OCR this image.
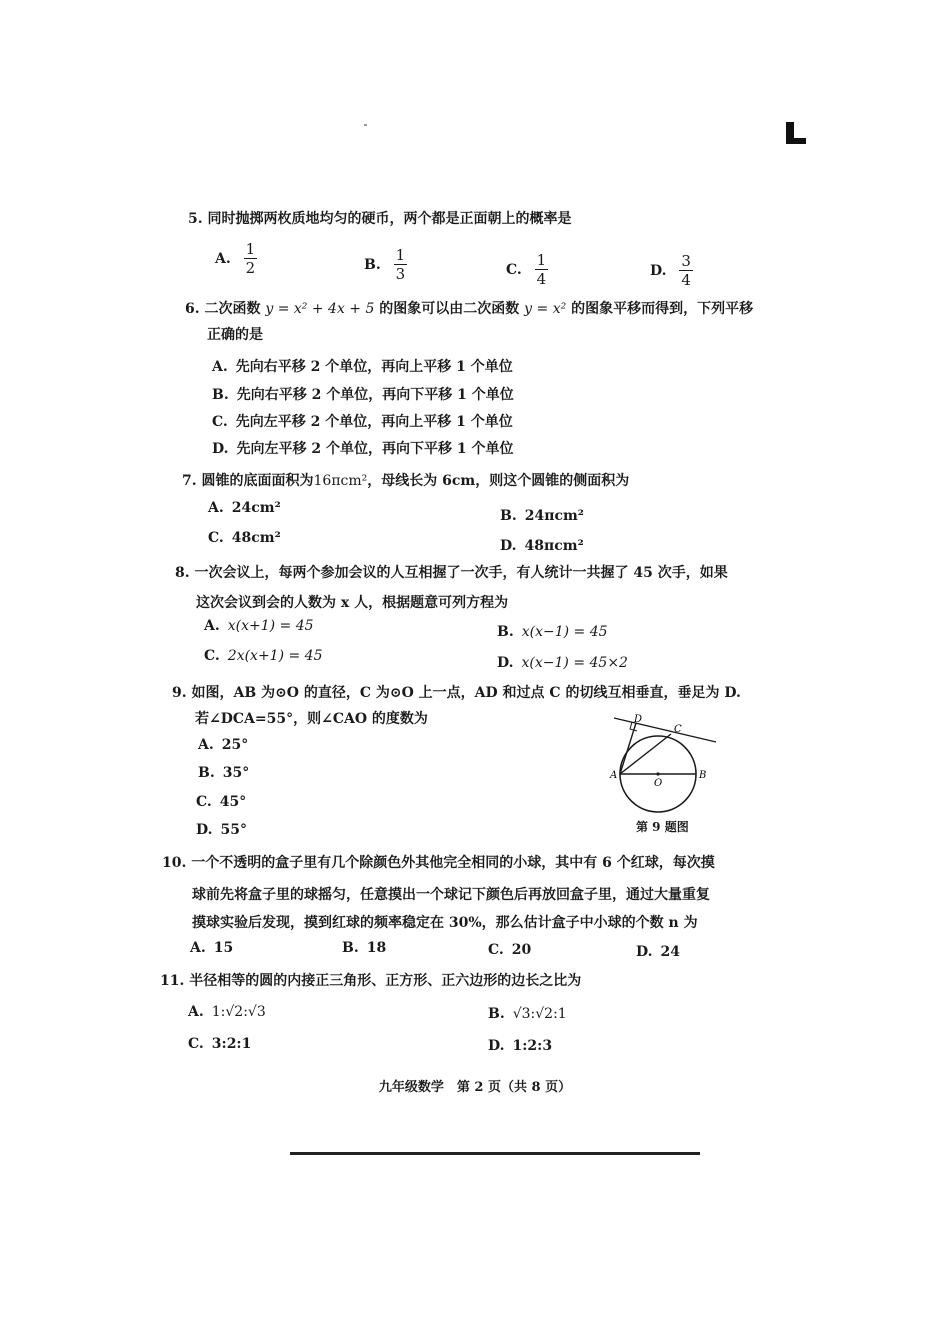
5. 同时抛掷两枚质地均匀的硬币，两个都是正面朝上的概率是
A. $\frac{1}{2}$	B. $\frac{1}{3}$	C. $\frac{1}{4}$	D. $\frac{3}{4}$
6. 二次函数 y = x² + 4x + 5 的图象可以由二次函数 y = x² 的图象平移而得到，下列平移
正确的是
A. 先向右平移 2 个单位，再向上平移 1 个单位
B. 先向右平移 2 个单位，再向下平移 1 个单位
C. 先向左平移 2 个单位，再向上平移 1 个单位
D. 先向左平移 2 个单位，再向下平移 1 个单位
7. 圆锥的底面面积为16πcm²，母线长为 6cm，则这个圆锥的侧面积为
A. 24cm²	B. 24πcm²
C. 48cm²	D. 48πcm²
8. 一次会议上，每两个参加会议的人互相握了一次手，有人统计一共握了 45 次手，如果
这次会议到会的人数为 x 人，根据题意可列方程为
A. x(x+1) = 45	B. x(x−1) = 45
C. 2x(x+1) = 45	D. x(x−1) = 45×2
9. 如图，AB 为⊙O 的直径，C 为⊙O 上一点，AD 和过点 C 的切线互相垂直，垂足为 D.
若∠DCA=55°，则∠CAO 的度数为
A. 25°
B. 35°
C. 45°
D. 55°
D
C
A
O
B
第 9 题图
10. 一个不透明的盒子里有几个除颜色外其他完全相同的小球，其中有 6 个红球，每次摸
球前先将盒子里的球摇匀，任意摸出一个球记下颜色后再放回盒子里，通过大量重复
摸球实验后发现，摸到红球的频率稳定在 30%，那么估计盒子中小球的个数 n 为
A. 15	B. 18	C. 20	D. 24
11. 半径相等的圆的内接正三角形、正方形、正六边形的边长之比为
A. 1:√2:√3	B. √3:√2:1
C. 3:2:1	D. 1:2:3
九年级数学　第 2 页（共 8 页）
